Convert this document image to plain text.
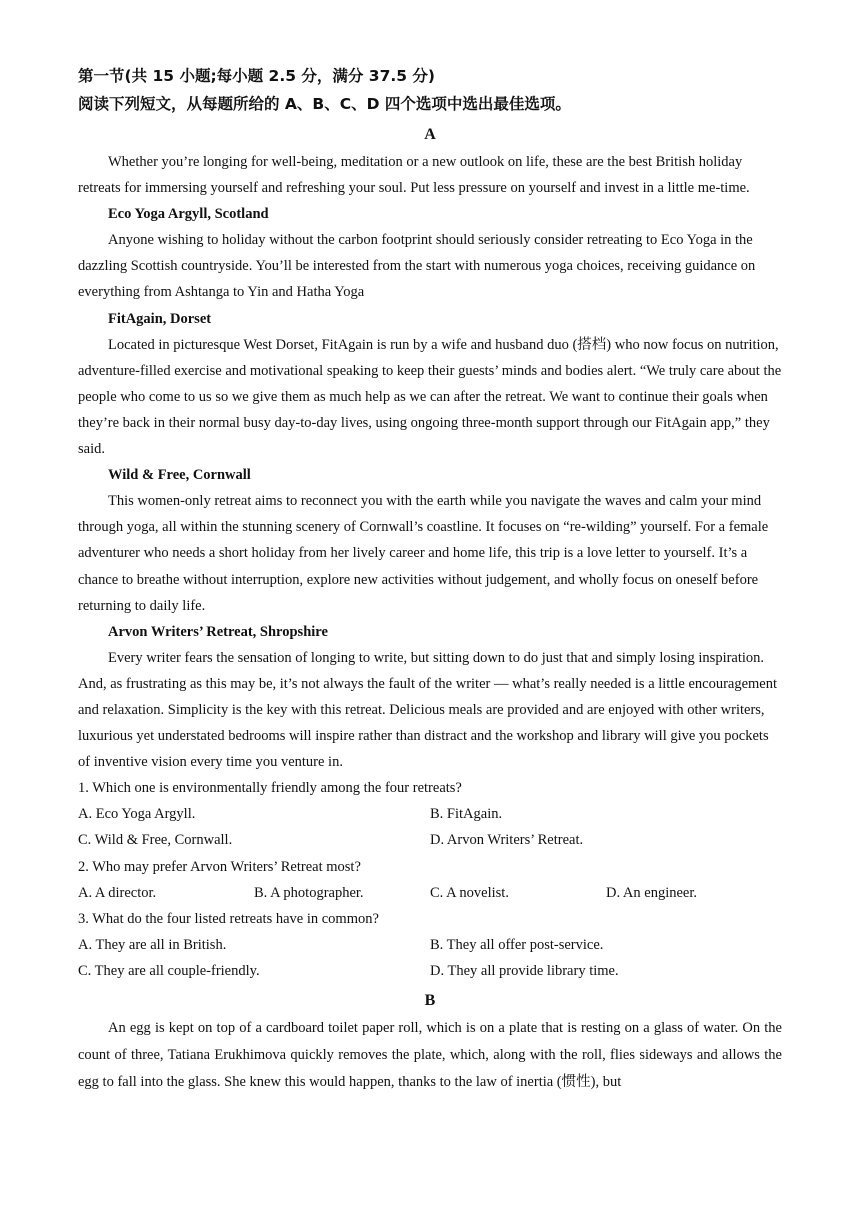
第一节(共 15 小题;每小题 2.5 分，满分 37.5 分)

阅读下列短文，从每题所给的 A、B、C、D 四个选项中选出最佳选项。

A

Whether you’re longing for well-being, meditation or a new outlook on life, these are the best British holiday retreats for immersing yourself and refreshing your soul. Put less pressure on yourself and invest in a little me-time.

Eco Yoga Argyll, Scotland

Anyone wishing to holiday without the carbon footprint should seriously consider retreating to Eco Yoga in the dazzling Scottish countryside. You’ll be interested from the start with numerous yoga choices, receiving guidance on everything from Ashtanga to Yin and Hatha Yoga

FitAgain, Dorset

Located in picturesque West Dorset, FitAgain is run by a wife and husband duo (搭档) who now focus on nutrition, adventure-filled exercise and motivational speaking to keep their guests’ minds and bodies alert. “We truly care about the people who come to us so we give them as much help as we can after the retreat. We want to continue their goals when they’re back in their normal busy day-to-day lives, using ongoing three-month support through our FitAgain app,” they said.

Wild & Free, Cornwall

This women-only retreat aims to reconnect you with the earth while you navigate the waves and calm your mind through yoga, all within the stunning scenery of Cornwall’s coastline. It focuses on “re-wilding” yourself. For a female adventurer who needs a short holiday from her lively career and home life, this trip is a love letter to yourself. It’s a chance to breathe without interruption, explore new activities without judgement, and wholly focus on oneself before returning to daily life.

Arvon Writers’ Retreat, Shropshire

Every writer fears the sensation of longing to write, but sitting down to do just that and simply losing inspiration. And, as frustrating as this may be, it’s not always the fault of the writer — what’s really needed is a little encouragement and relaxation. Simplicity is the key with this retreat. Delicious meals are provided and are enjoyed with other writers, luxurious yet understated bedrooms will inspire rather than distract and the workshop and library will give you pockets of inventive vision every time you venture in.

1. Which one is environmentally friendly among the four retreats?
A. Eco Yoga Argyll.	B. FitAgain.
C. Wild & Free, Cornwall.	D. Arvon Writers’ Retreat.
2. Who may prefer Arvon Writers’ Retreat most?
A. A director.	B. A photographer.	C. A novelist.	D. An engineer.
3. What do the four listed retreats have in common?
A. They are all in British.	B. They all offer post-service.
C. They are all couple-friendly.	D. They all provide library time.
B

An egg is kept on top of a cardboard toilet paper roll, which is on a plate that is resting on a glass of water. On the count of three, Tatiana Erukhimova quickly removes the plate, which, along with the roll, flies sideways and allows the egg to fall into the glass. She knew this would happen, thanks to the law of inertia (惯性), but
